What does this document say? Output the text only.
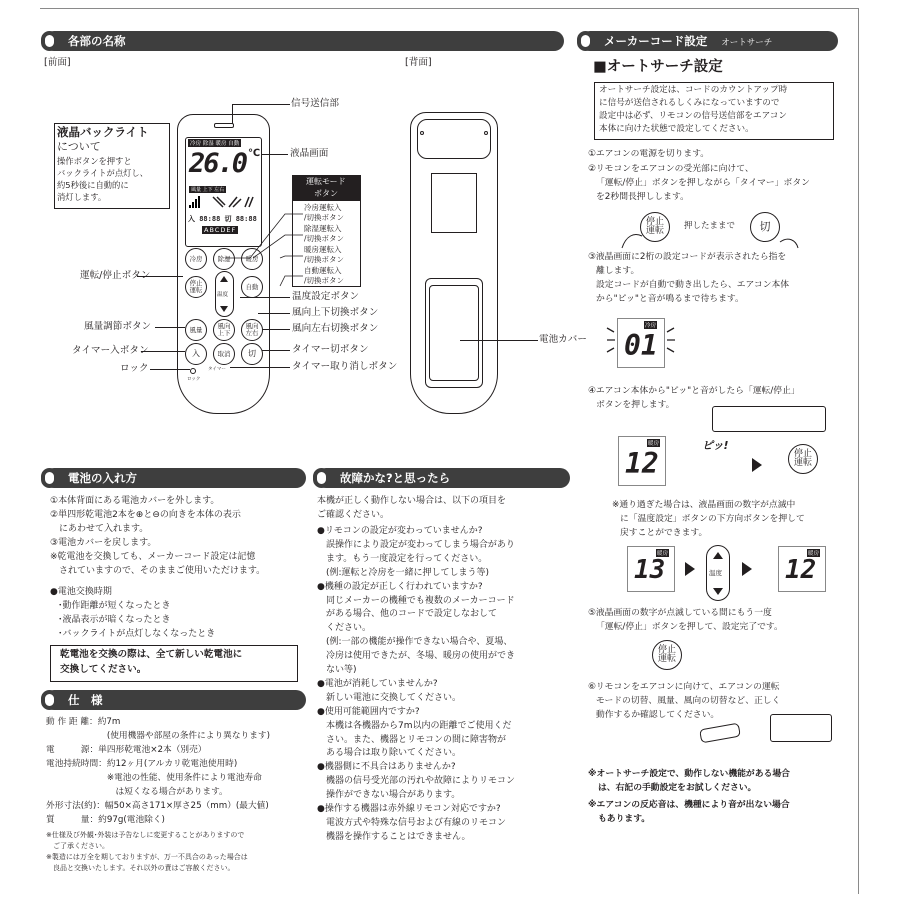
各部の名称
[前面]	[背面]
液晶バックライト
について
操作ボタンを押すと
バックライトが点灯し、
約5秒後に自動的に
消灯します。
冷房 除湿 暖房 自動
26.0 ℃
風量 上下 左右
入 88:88 切 88:88
ABCDEF
冷房	除湿	暖房
停止
運転
温度
自動
風量	風向
上下
風向
左右
入	取消	切
タイマー
ロック
信号送信部
液晶画面
運転モード
ボタン
冷房運転入
/切換ボタン
除湿運転入
/切換ボタン
暖房運転入
/切換ボタン
自動運転入
/切換ボタン
運転/停止ボタン
温度設定ボタン
風向上下切換ボタン
風量調節ボタン	風向左右切換ボタン
タイマー入ボタン	タイマー切ボタン
ロック	タイマー取り消しボタン
電池カバー
メーカーコード設定 オートサーチ
■オートサーチ設定
オートサーチ設定は、コードのカウントアップ時
に信号が送信されるしくみになっていますので
設定中は必ず、リモコンの信号送信部をエアコン
本体に向けた状態で設定してください。
①エアコンの電源を切ります。
②リモコンをエアコンの受光部に向けて、
「運転/停止」ボタンを押しながら「タイマー」ボタン
を2秒間長押しします。
停止
運転 押したままで	切
③液晶画面に2桁の設定コードが表示されたら指を
離します。
設定コードが自動で動き出したら、エアコン本体
から"ピッ"と音が鳴るまで待ちます。
冷房
01
④エアコン本体から"ピッ"と音がしたら「運転/停止」
ボタンを押します。
暖房
12
ピッ!
停止
運転
※通り過ぎた場合は、液晶画面の数字が点滅中
に「温度設定」ボタンの下方向ボタンを押して
戻すことができます。
暖房
13	温度
暖房
12
⑤液晶画面の数字が点滅している間にもう一度
「運転/停止」ボタンを押して、設定完了です。
停止
運転
⑥リモコンをエアコンに向けて、エアコンの運転
モードの切替、風量、風向の切替など、正しく
動作するか確認してください。
※オートサーチ設定で、動作しない機能がある場合
は、右記の手動設定をお試しください。
※エアコンの反応音は、機種により音が出ない場合
もあります。
電池の入れ方
①本体背面にある電池カバーを外します。
②単四形乾電池2本を⊕と⊖の向きを本体の表示
　にあわせて入れます。
③電池カバーを戻します。
※乾電池を交換しても、メーカーコード設定は記憶
　されていますので、そのままご使用いただけます。
●電池交換時期
･動作距離が短くなったとき
･液晶表示が暗くなったとき
･バックライトが点灯しなくなったとき
乾電池を交換の際は、全て新しい乾電池に
交換してください。
仕　様
動 作 距 離：約7m
　　　　　　　(使用機器や部屋の条件により異なります)
電　　　源：単四形乾電池×2本（別売）
電池持続時間：約12ヶ月(アルカリ乾電池使用時)
　　　　　　　※電池の性能、使用条件により電池寿命
　　　　　　　　は短くなる場合があります。
外形寸法(約)：幅50×高さ171×厚さ25（mm）(最大値)
質　　　量：約97g(電池除く)
※仕様及び外観･外装は予告なしに変更することがありますので
　ご了承ください。
※製造には万全を期しておりますが、万一不具合のあった場合は
　良品と交換いたします。それ以外の責はご容赦ください。
故障かな?と思ったら
本機が正しく動作しない場合は、以下の項目を
ご確認ください。
●リモコンの設定が変わっていませんか?
　誤操作により設定が変わってしまう場合があり
　ます。もう一度設定を行ってください。
　(例:運転と冷房を一緒に押してしまう等)
●機種の設定が正しく行われていますか?
　同じメーカーの機種でも複数のメーカーコード
　がある場合、他のコードで設定しなおして
　ください。
　(例:一部の機能が操作できない場合や、夏場、
　冷房は使用できたが、冬場、暖房の使用ができ
　ない等)
●電池が消耗していませんか?
　新しい電池に交換してください。
●使用可能範囲内ですか?
　本機は各機器から7m以内の距離でご使用くだ
　さい。また、機器とリモコンの間に障害物が
　ある場合は取り除いてください。
●機器側に不具合はありませんか?
　機器の信号受光部の汚れや故障によりリモコン
　操作ができない場合があります。
●操作する機器は赤外線リモコン対応ですか?
　電波方式や特殊な信号および有線のリモコン
　機器を操作することはできません。
